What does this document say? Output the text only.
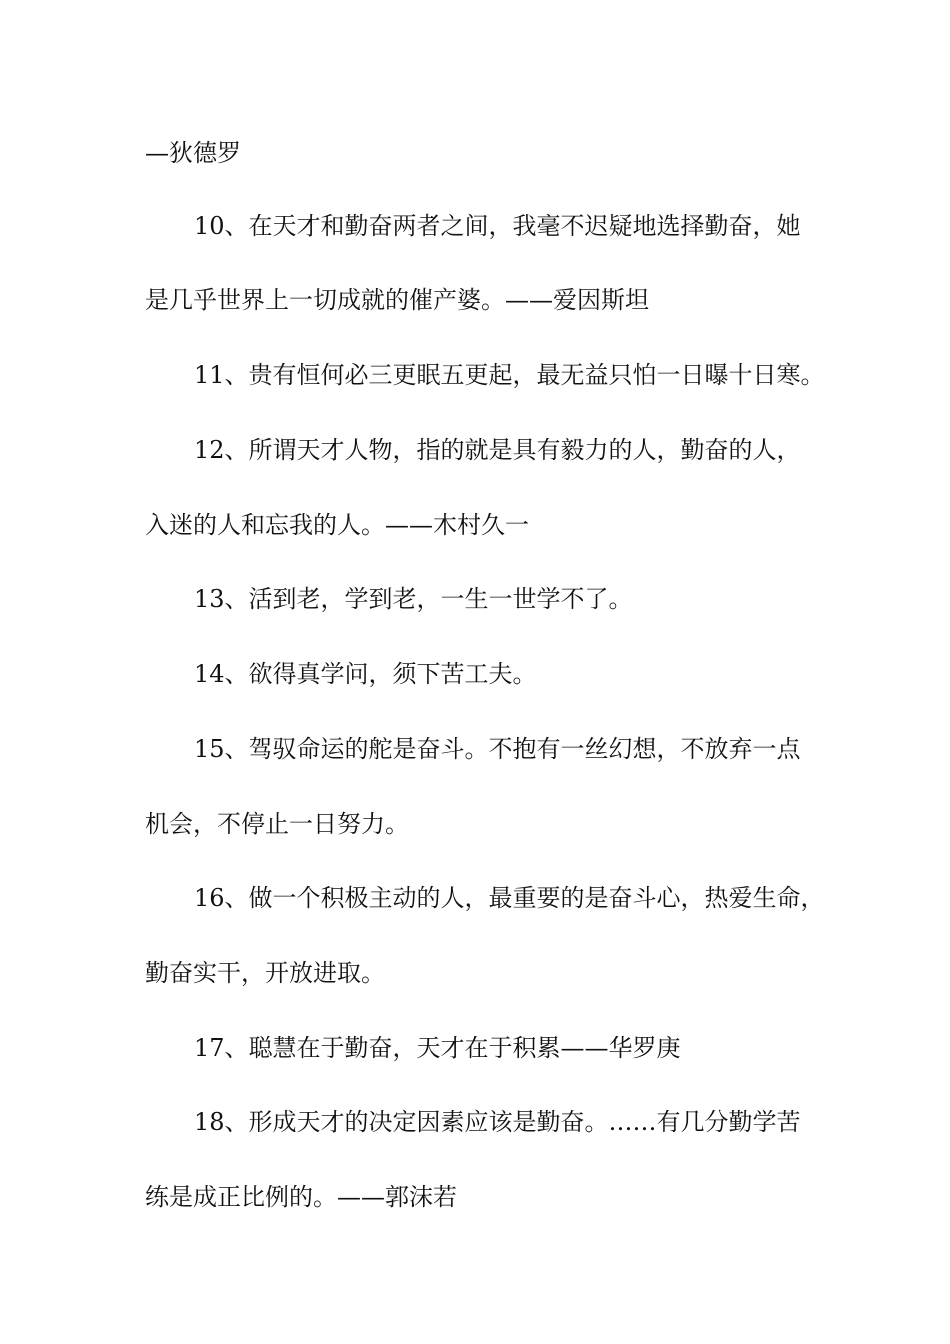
—狄德罗
10、在天才和勤奋两者之间，我毫不迟疑地选择勤奋，她
是几乎世界上一切成就的催产婆。——爱因斯坦
11、贵有恒何必三更眠五更起，最无益只怕一日曝十日寒。
12、所谓天才人物，指的就是具有毅力的人，勤奋的人，
入迷的人和忘我的人。——木村久一
13、活到老，学到老，一生一世学不了。
14、欲得真学问，须下苦工夫。
15、驾驭命运的舵是奋斗。不抱有一丝幻想，不放弃一点
机会，不停止一日努力。
16、做一个积极主动的人，最重要的是奋斗心，热爱生命，
勤奋实干，开放进取。
17、聪慧在于勤奋，天才在于积累——华罗庚
18、形成天才的决定因素应该是勤奋。……有几分勤学苦
练是成正比例的。——郭沫若
